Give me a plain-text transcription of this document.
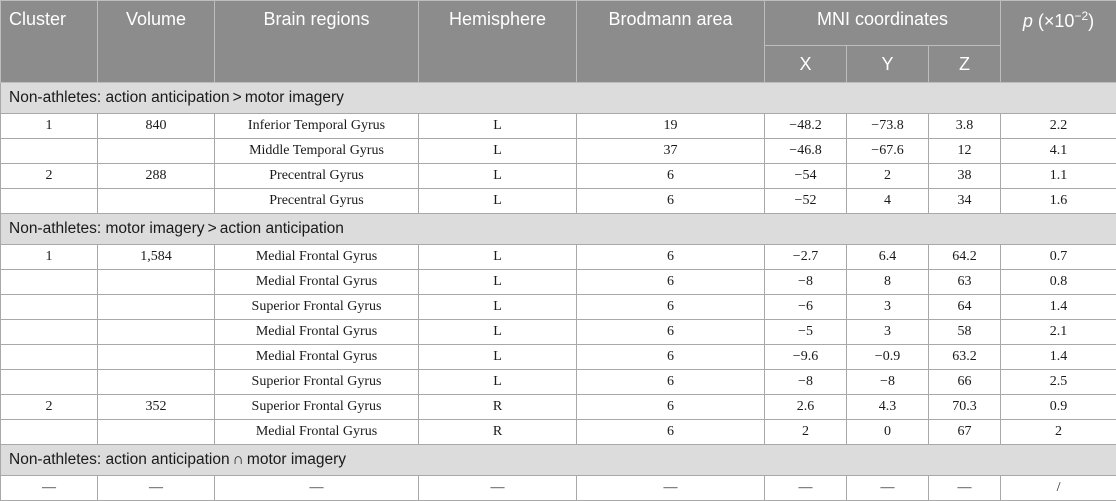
Cluster	Volume	Brain regions	Hemisphere	Brodmann area	MNI coordinates			p $(\times 10^{-2})$
					X	Y	Z	
Non-athletes: action anticipation > motor imagery								
1	840	Inferior Temporal Gyrus	L	19	−48.2	−73.8	3.8	2.2
		Middle Temporal Gyrus	L	37	−46.8	−67.6	12	4.1
2	288	Precentral Gyrus	L	6	−54	2	38	1.1
		Precentral Gyrus	L	6	−52	4	34	1.6
Non-athletes: motor imagery > action anticipation								
1	1,584	Medial Frontal Gyrus	L	6	−2.7	6.4	64.2	0.7
		Medial Frontal Gyrus	L	6	−8	8	63	0.8
		Superior Frontal Gyrus	L	6	−6	3	64	1.4
		Medial Frontal Gyrus	L	6	−5	3	58	2.1
		Medial Frontal Gyrus	L	6	−9.6	−0.9	63.2	1.4
		Superior Frontal Gyrus	L	6	−8	−8	66	2.5
2	352	Superior Frontal Gyrus	R	6	2.6	4.3	70.3	0.9
		Medial Frontal Gyrus	R	6	2	0	67	2
Non-athletes: action anticipation ∩ motor imagery								
—	—	—	—	—	—	—	—	/
